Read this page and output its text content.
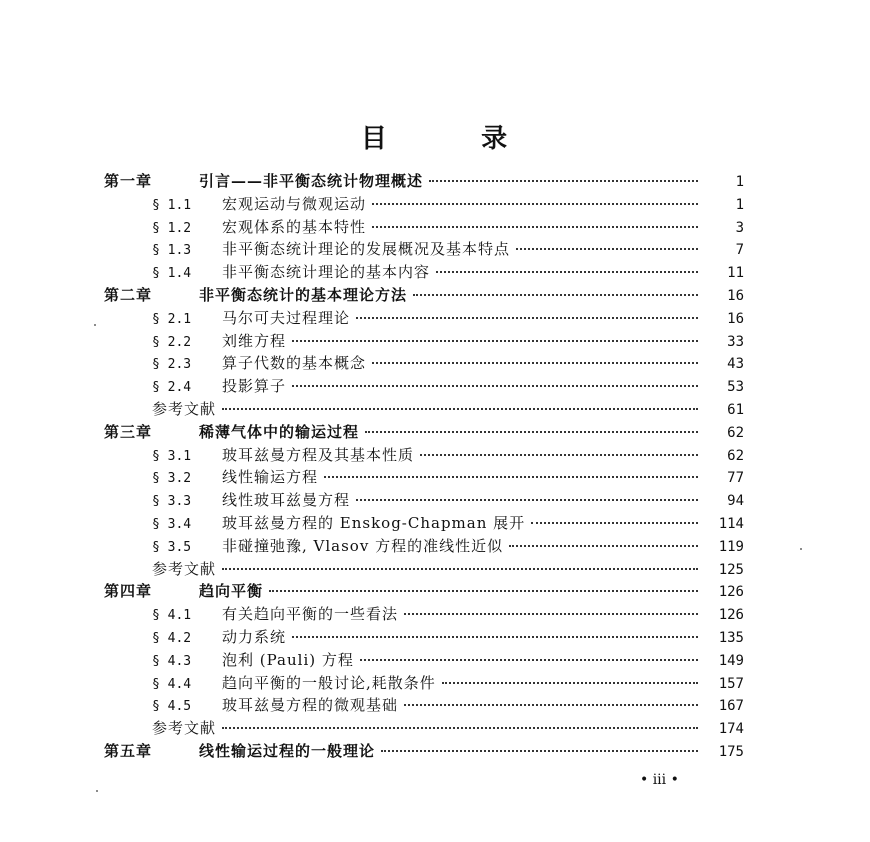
目	录
第一章	引言——非平衡态统计物理概述	1
§ 1.1	宏观运动与微观运动	1
§ 1.2	宏观体系的基本特性	3
§ 1.3	非平衡态统计理论的发展概况及基本特点	7
§ 1.4	非平衡态统计理论的基本内容	11
第二章	非平衡态统计的基本理论方法	16
§ 2.1	马尔可夫过程理论	16
§ 2.2	刘维方程	33
§ 2.3	算子代数的基本概念	43
§ 2.4	投影算子	53
参考文献	61
第三章	稀薄气体中的输运过程	62
§ 3.1	玻耳兹曼方程及其基本性质	62
§ 3.2	线性输运方程	77
§ 3.3	线性玻耳兹曼方程	94
§ 3.4	玻耳兹曼方程的 Enskog-Chapman 展开	114
§ 3.5	非碰撞弛豫, Vlasov 方程的准线性近似	119
参考文献	125
第四章	趋向平衡	126
§ 4.1	有关趋向平衡的一些看法	126
§ 4.2	动力系统	135
§ 4.3	泡利 (Pauli) 方程	149
§ 4.4	趋向平衡的一般讨论,耗散条件	157
§ 4.5	玻耳兹曼方程的微观基础	167
参考文献	174
第五章	线性输运过程的一般理论	175
• iii •
